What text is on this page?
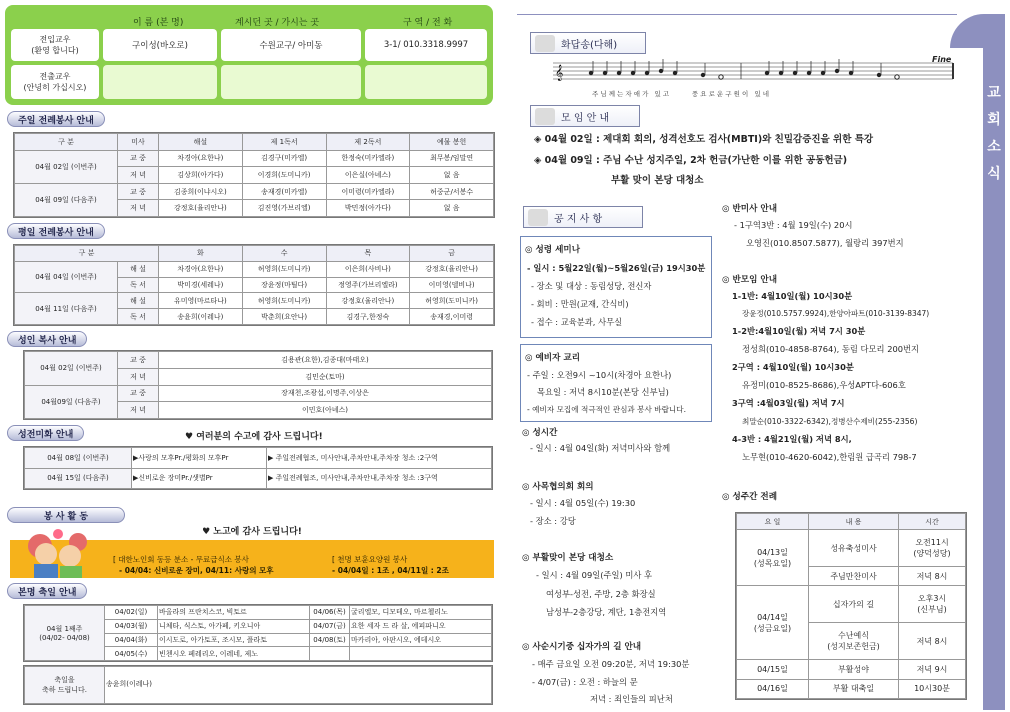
이 름 (본 명)	계시던 곳 / 가시는 곳	구 역 / 전 화
전입교우
(환영 합니다)	구이성(바오로)	수원교구/ 아미동	3-1/ 010.3318.9997
전출교우
(안녕히 가십시오)
주일 전례봉사 안내
구 분	미사	해설	제 1독서	제 2독서	예물 봉헌
04월 02일 (이번주)	교 중	차경아(요한나)	김경구(미카엘)	한정숙(미카엘라)	최무봉/임말연
	저 녁	김상희(아가다)	이경희(도미니카)	이은실(아녜스)	없 음
04월 09일 (다음주)	교 중	김종희(이냐시오)	송재경(미카엘)	이미령(미카엘라)	허중군/서봉수
	저 녁	강정호(율리안나)	김진영(가브리엘)	박민정(아가다)	없 음
평일 전례봉사 안내
구 분		화	수	목	금
04월 04일 (이번주)	해 설	차경아(요한나)	허영희(도미니카)	이은희(사비나)	강정호(율리안나)
	독 서	박미경(세레나)	장윤정(마틸다)	정영주(가브리엘라)	이미영(델비나)
04월 11일 (다음주)	해 설	유미영(마르타나)	허영희(도미니카)	강정호(율리안나)	허영희(도미니카)
	독 서	송윤희(이레나)	박춘희(요안나)	김경구,한정숙	송재경,이미령
성인 복사 안내
04월 02일 (이번주)	교 중	김용관(요한),김종대(마태오)
	저 녁	김민순(토마)
04월09일 (다음주)	교 중	장재천,조광섭,이명주,이상은
	저 녁	이민호(아녜스)
성전미화 안내	♥ 여러분의 수고에 감사 드립니다!
04월 08일 (이번주)	▶사랑의 모후Pr./평화의 모후Pr	▶ 주일전례협조, 미사안내,주차안내,주차장 청소 :2구역
04월 15일 (다음주)	▶신비로운 장미Pr./샛별Pr	▶ 주일전례협조, 미사안내,주차안내,주차장 청소 :3구역
봉 사 활 동
♥ 노고에 감사 드립니다!
[ 대한노인회 동등 분소 - 무료급식소 봉사
- 04/04: 신비로운 장미, 04/11: 사랑의 모후
[ 천명 보훈요양원 봉사
- 04/04일 : 1조 , 04/11일 : 2조
본명 축일 안내
04월 1째주
(04/02- 04/08)	04/02(일)	바올라의 프란치스코, 빅토르	04/06(목)	굴리엘모, 디모테오, 마르첼리노
	04/03(월)	니체타, 식스토, 아가페, 키오니아	04/07(금)	요한 세자 드 라 살, 에피파니오
	04/04(화)	이시도로, 아가토포, 조시모, 플라토	04/08(토)	마카리아, 아판시오, 에데시오
	04/05(수)	빈첸시오 페레리오, 이레네, 제노		
축일을
축하 드립니다.	송윤희(이레나)
교 회 소 식
화답송(다해)
𝄞
Fine
주 님 께 는 자 애 가   있 고           풍 요 로 운 구 원 이   있 네
모 임 안 내
◈ 04월 02일 : 제대회 회의, 성격선호도 검사(MBTI)와 친밀감증진을 위한 특강
◈ 04월 09일 : 주님 수난 성지주일, 2차 헌금(가난한 이를 위한 공동헌금)
부활 맞이 본당 대청소
공 지 사 항
◎ 성령 세미나
- 일시 : 5월22일(월)~5월26일(금) 19시30분
- 장소 및 대상 : 동림성당, 전신자
- 회비 : 만원(교재, 간식비)
- 접수 : 교육분과, 사무실
◎ 예비자 교리
- 주일 : 오전9시 ~10시(차경아 요한나)
목요일 : 저녁 8시10분(본당 신부님)
- 예비자 모집에 적극적인 관심과 봉사 바랍니다.
◎ 성시간
- 일시 : 4월 04일(화) 저녁미사와 함께
◎ 사목협의회 회의
- 일시 : 4월 05일(수) 19:30
- 장소 : 강당
◎ 부활맞이 본당 대청소
- 일시 : 4월 09일(주일) 미사 후
여성부-성전, 주방, 2층 화장실
남성부-2층강당, 계단, 1층전지역
◎ 사순시기중 십자가의 길 안내
- 매주 금요일 오전 09:20분, 저녁 19:30분
- 4/07(금) : 오전 : 하늘의 문
저녁 : 죄인들의 피난처
◎ 반미사 안내
- 1구역3반 : 4월 19일(수) 20시
오영진(010.8507.5877), 월랑리 397번지
◎ 반모임 안내
1-1반: 4월10일(월) 10시30분
장윤정(010.5757.9924),한양아파트(010-3139-8347)
1-2반:4월10일(월) 저녁 7시 30분
정성희(010-4858-8764), 동림 다모리 200번지
2구역 : 4월10일(월) 10시30분
유정미(010-8525-8686),우성APT다-606호
3구역 :4월03일(월) 저녁 7시
최말순(010-3322-6342),정병산수제비(255-2356)
4-3반 : 4월21일(월) 저녁 8시,
노무현(010-4620-6042),한림원 급곡리 798-7
◎ 성주간 전례
요 일	내 용	시간
04/13일
(성목요일)	성유축성미사	오전11시
(양덕성당)
	주님만찬미사	저녁 8시
04/14일
(성금요일)	십자가의 길	오후3시
(신부님)
	수난예식
(성지보존헌금)	저녁 8시
04/15일	부활성야	저녁 9시
04/16일	부활 대축일	10시30분
